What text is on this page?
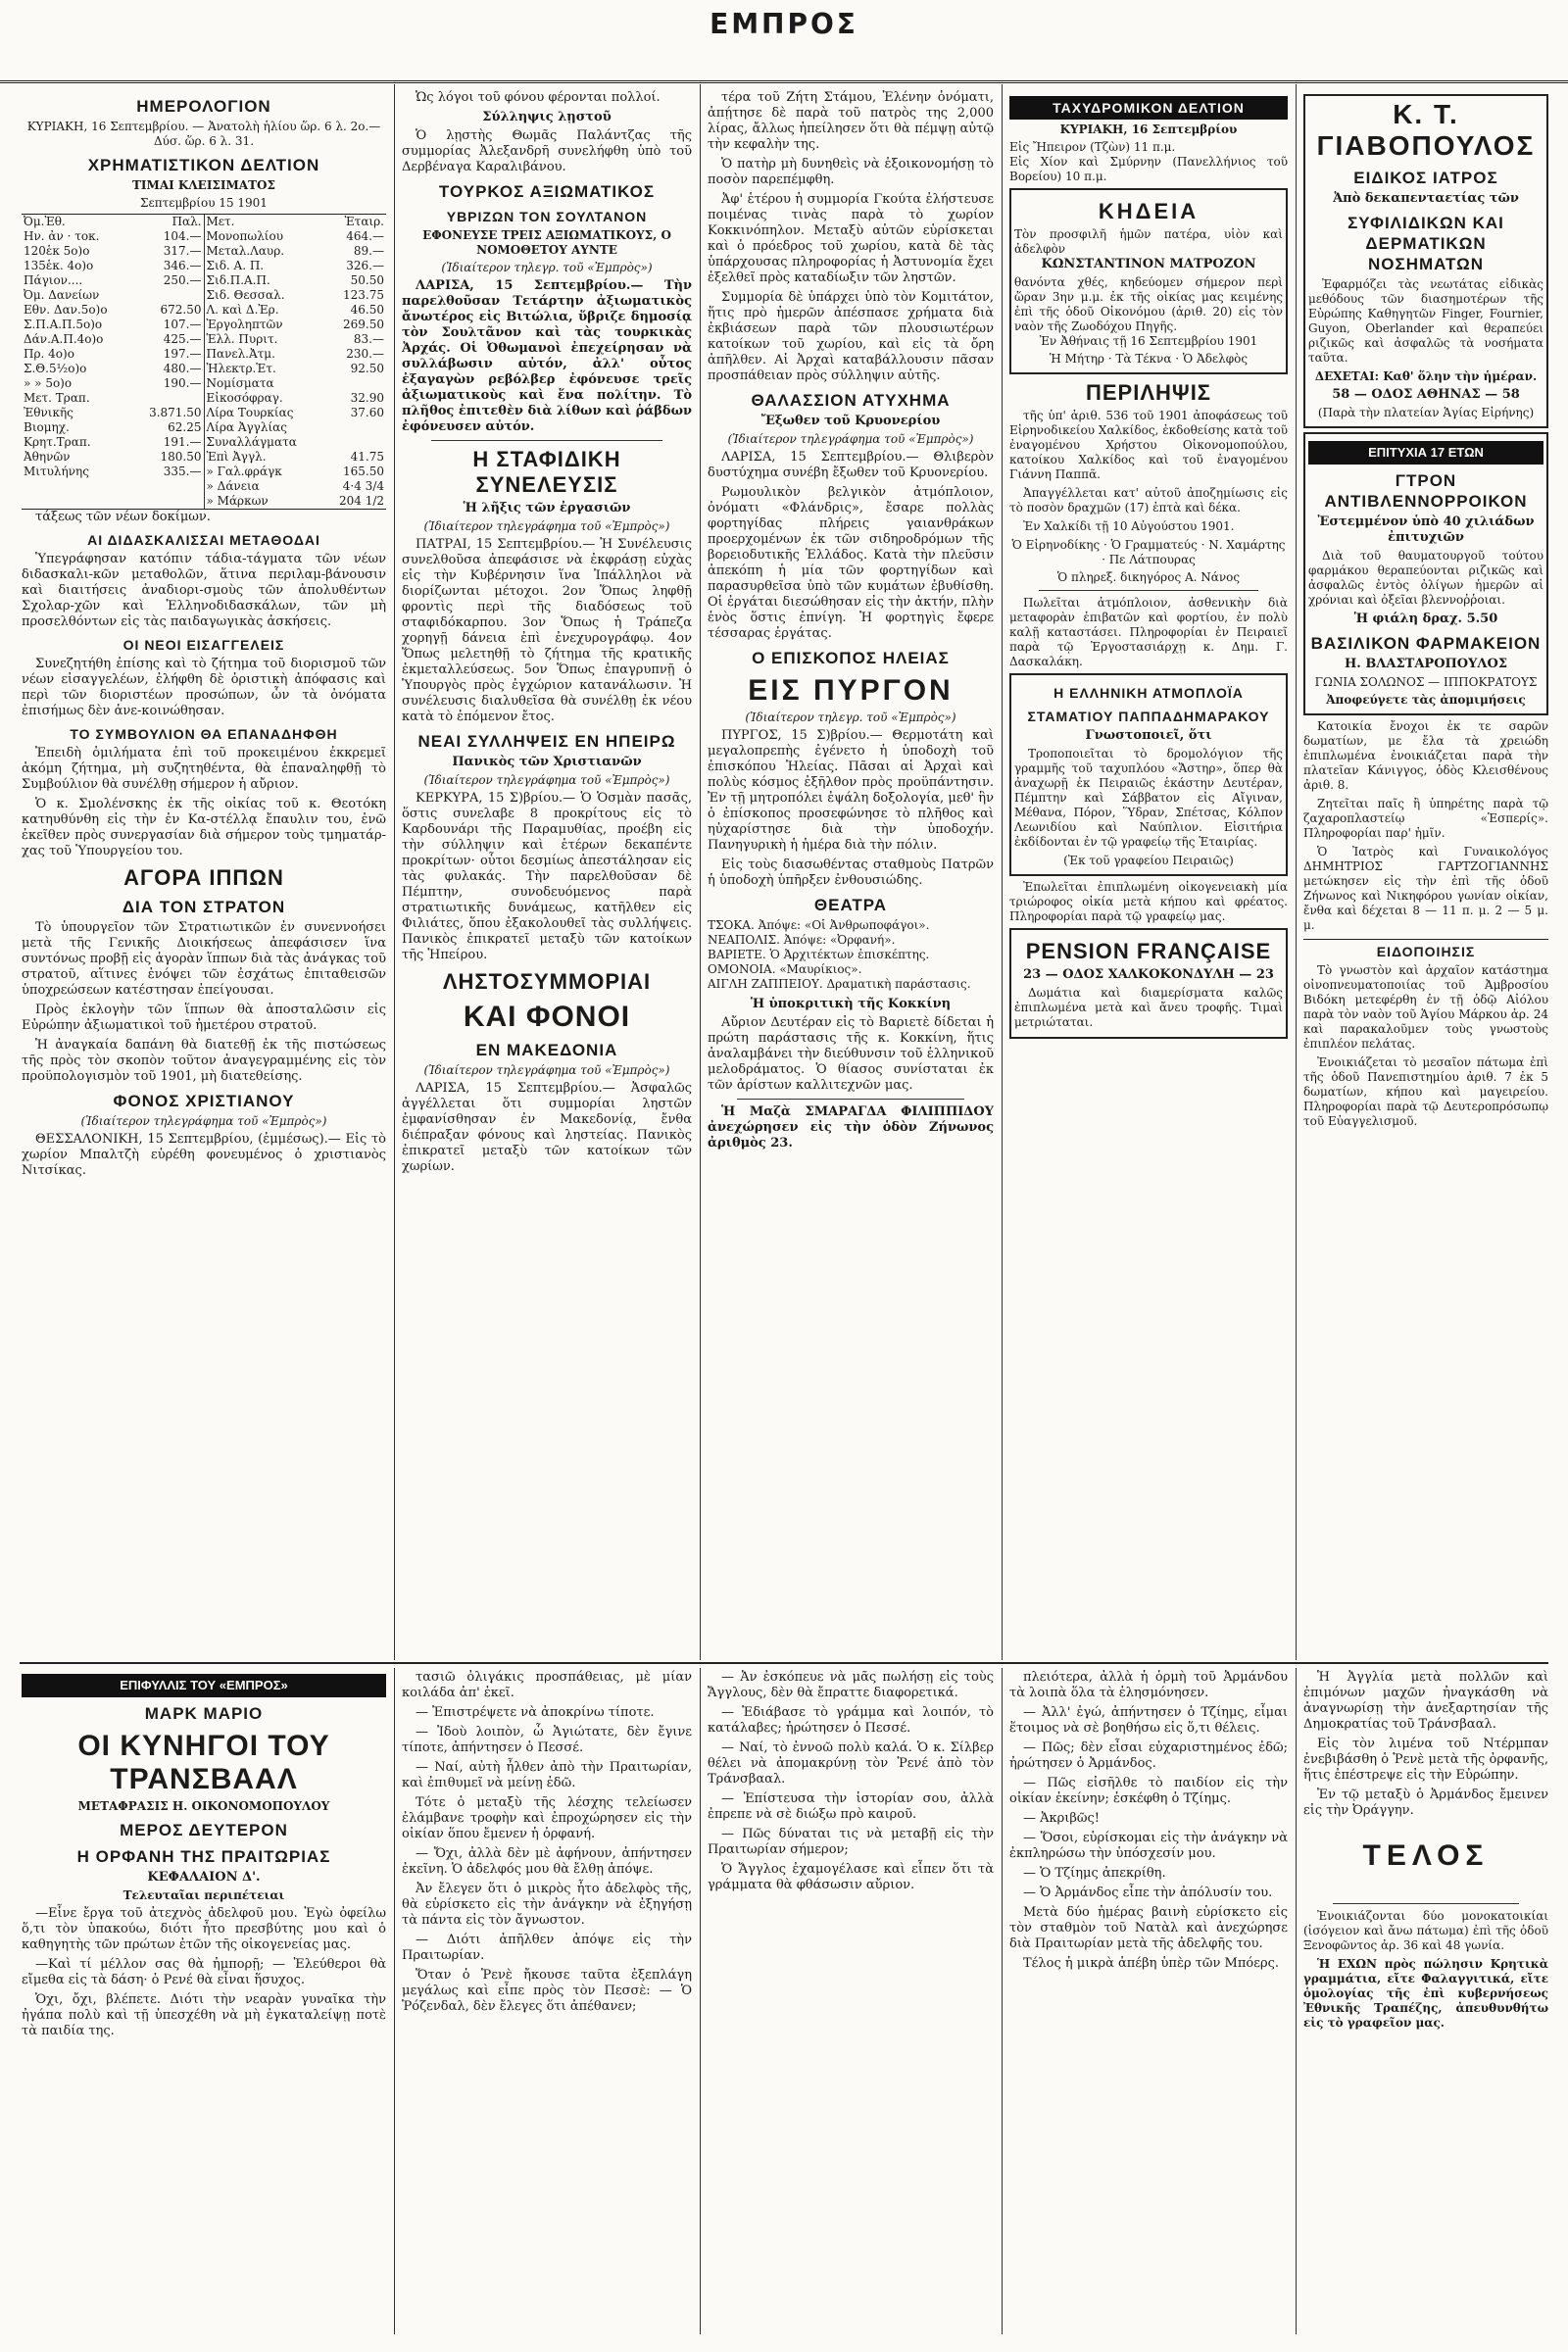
ΕΜΠΡΟΣ
ΗΜΕΡΟΛΟΓΙΟΝ
ΚΥΡΙΑΚΗ, 16 Σεπτεμβρίου. — Ἀνατολὴ ἡλίου ὥρ. 6 λ. 2ο.—Δύσ. ὥρ. 6 λ. 31.
ΧΡΗΜΑΤΙΣΤΙΚΟΝ ΔΕΛΤΙΟΝ
ΤΙΜΑΙ ΚΛΕΙΣΙΜΑΤΟΣ
Σεπτεμβρίου 15 1901
Ὀμ.Ἐθ.	Παλ.
Ην. ἀν · τοκ.	104.—
120ἑκ 5ο)ο	317.—
135ἑκ. 4ο)ο	346.—
Πάγιον....	250.—
Ὀμ. Δανείων	
Εθν. Δαν.5ο)ο	672.50
Σ.Π.Α.Π.5ο)ο	107.—
Δάν.Α.Π.4ο)ο	425.—
Πρ. 4ο)ο	197.—
Σ.Θ.5½ο)ο	480.—
» » 5ο)ο	190.—
Μετ. Τραπ.	
Ἐθνικῆς	3.871.50
Βιομηχ.	62.25
Κρητ.Τραπ.	191.—
Ἀθηνῶν	180.50
Μιτυλήνης	335.—
Μετ.	Ἐταιρ.
Μονοπωλίου	464.—
Μεταλ.Λαυρ.	89.—
Σιδ. Α. Π.	326.—
Σιδ.Π.Α.Π.	50.50
Σιδ. Θεσσαλ.	123.75
Λ. καὶ Δ.Ἐρ.	46.50
Ἐργοληπτῶν	269.50
Ἑλλ. Πυριτ.	83.—
Πανελ.Ἀτμ.	230.—
Ἠλεκτρ.Ἑτ.	92.50
Νομίσματα	
Εἰκοσόφραγ.	32.90
Λίρα Τουρκίας	37.60
Λίρα Ἀγγλίας	
Συναλλάγματα	
Ἐπὶ Ἀγγλ.	41.75
» Γαλ.φράγκ	165.50
» Δάνεια	4·4 3/4
» Μάρκων	204 1/2

τάξεως τῶν νέων δοκίμων.

ΑΙ ΔΙΔΑΣΚΑΛΙΣΣΑΙ ΜΕΤΑΘΟΔΑΙ

Ὑπεγράφησαν κατόπιν τάδια-τάγματα τῶν νέων διδασκαλι-κῶν μεταθολῶν, ἅτινα περιλαμ-βάνουσιν καὶ διαιτήσεις ἀναδιορι-σμοὺς τῶν ἀπολυθέντων Σχολαρ-χῶν καὶ Ἑλληνοδιδασκάλων, τῶν μὴ προσελθόντων εἰς τὰς παιδαγωγικὰς ἀσκήσεις.

ΟΙ ΝΕΟΙ ΕΙΣΑΓΓΕΛΕΙΣ

Συνεζητήθη ἐπίσης καὶ τὸ ζήτημα τοῦ διορισμοῦ τῶν νέων εἰσαγγελέων, ἐλήφθη δὲ ὁριστικὴ ἀπόφασις καὶ περὶ τῶν διοριστέων προσώπων, ὧν τὰ ὀνόματα ἐπισήμως δὲν ἀνε-κοινώθησαν.

ΤΟ ΣΥΜΒΟΥΛΙΟΝ ΘΑ ΕΠΑΝΑΔΗΦΘΗ

Ἐπειδὴ ὁμιλήματα ἐπὶ τοῦ προκειμένου ἐκκρεμεῖ ἀκόμη ζήτημα, μὴ συζητηθέντα, θὰ ἐπαναληφθῇ τὸ Συμβούλιον θὰ συνέλθῃ σήμερον ἡ αὔριον.

Ὁ κ. Σμολένσκης ἐκ τῆς οἰκίας τοῦ κ. Θεοτόκη κατηυθύνθη εἰς τὴν ἐν Κα-στέλλᾳ ἔπαυλιν του, ἐνῶ ἐκεῖθεν πρὸς συνεργασίαν διὰ σήμερον τοὺς τμηματάρ-χας τοῦ Ὑπουργείου του.

ΑΓΟΡΑ ΙΠΠΩΝ
ΔΙΑ ΤΟΝ ΣΤΡΑΤΟΝ

Τὸ ὑπουργεῖον τῶν Στρατιωτικῶν ἐν συνεννοήσει μετὰ τῆς Γενικῆς Διοικήσεως ἀπεφάσισεν ἵνα συντόνως προβῇ εἰς ἀγορὰν ἵππων διὰ τὰς ἀνάγκας τοῦ στρατοῦ, αἵτινες ἐνόψει τῶν ἐσχάτως ἐπιταθεισῶν ὑποχρεώσεων κατέστησαν ἐπείγουσαι.

Πρὸς ἐκλογὴν τῶν ἵππων θὰ ἀποσταλῶσιν εἰς Εὐρώπην ἀξιωματικοὶ τοῦ ἡμετέρου στρατοῦ.

Ἡ ἀναγκαία δαπάνη θὰ διατεθῇ ἐκ τῆς πιστώσεως τῆς πρὸς τὸν σκοπὸν τοῦτον ἀναγεγραμμένης εἰς τὸν προϋπολογισμὸν τοῦ 1901, μὴ διατεθείσης.

ΦΟΝΟΣ ΧΡΙΣΤΙΑΝΟΥ
(Ἰδιαίτερον τηλεγράφημα τοῦ «Ἐμπρὸς»)

ΘΕΣΣΑΛΟΝΙΚΗ, 15 Σεπτεμβρίου, (ἐμμέσως).— Εἰς τὸ χωρίον Μπαλτζὴ εὑρέθη φονευμένος ὁ χριστιανὸς Νιτσίκας.

Ὡς λόγοι τοῦ φόνου φέρονται πολλοί.

Σύλληψις λῃστοῦ

Ὁ λῃστὴς Θωμᾶς Παλάντζας τῆς συμμορίας Ἀλεξανδρῆ συνελήφθη ὑπὸ τοῦ Δερβέναγα Καραλιβάνου.

ΤΟΥΡΚΟΣ ΑΞΙΩΜΑΤΙΚΟΣ
ΥΒΡΙΖΩΝ ΤΟΝ ΣΟΥΛΤΑΝΟΝ
ΕΦΟΝΕΥΣΕ ΤΡΕΙΣ ΑΞΙΩΜΑΤΙΚΟΥΣ, Ο ΝΟΜΟΘΕΤΟΥ ΑΥΝΤΕ
(Ἰδιαίτερον τηλεγρ. τοῦ «Ἐμπρὸς»)

ΛΑΡΙΣΑ, 15 Σεπτεμβρίου.— Τὴν παρελθοῦσαν Τετάρτην ἀξιωματικὸς ἄνωτέρος εἰς Βιτώλια, ὕβριζε δημοσίᾳ τὸν Σουλτᾶνον καὶ τὰς τουρκικὰς Ἀρχάς. Οἱ Ὀθωμανοὶ ἐπεχείρησαν νὰ συλλάβωσιν αὐτόν, ἀλλ' οὗτος ἐξαγαγὼν ρεβόλβερ ἐφόνευσε τρεῖς ἀξιωματικοὺς καὶ ἕνα πολίτην. Τὸ πλῆθος ἐπιτεθὲν διὰ λίθων καὶ ῥάβδων ἐφόνευσεν αὐτόν.

Η ΣΤΑΦΙΔΙΚΗ ΣΥΝΕΛΕΥΣΙΣ
Ἡ λῆξις τῶν ἐργασιῶν
(Ἰδιαίτερον τηλεγράφημα τοῦ «Ἐμπρὸς»)

ΠΑΤΡΑΙ, 15 Σεπτεμβρίου.— Ἡ Συνέλευσις συνελθοῦσα ἀπεφάσισε νὰ ἐκφράσῃ εὐχὰς εἰς τὴν Κυβέρνησιν ἵνα Ἰπάλληλοι νὰ διορίζωνται μέτοχοι. 2ον Ὅπως ληφθῇ φροντὶς περὶ τῆς διαδόσεως τοῦ σταφιδόκαρπου. 3ον Ὅπως ἡ Τράπεζα χορηγῇ δάνεια ἐπὶ ἐνεχυρογράφῳ. 4ον Ὅπως μελετηθῇ τὸ ζήτημα τῆς κρατικῆς ἐκμεταλλεύσεως. 5ον Ὅπως ἐπαγρυπνῇ ὁ Ὑπουργὸς πρὸς ἐγχώριον κατανάλωσιν. Ἡ συνέλευσις διαλυθεῖσα θὰ συνέλθῃ ἐκ νέου κατὰ τὸ ἐπόμενον ἔτος.

ΝΕΑΙ ΣΥΛΛΗΨΕΙΣ ΕΝ ΗΠΕΙΡΩ
Πανικὸς τῶν Χριστιανῶν
(Ἰδιαίτερον τηλεγράφημα τοῦ «Ἐμπρὸς»)

ΚΕΡΚΥΡΑ, 15 Σ)βρίου.— Ὁ Ὁσμὰν πασᾶς, ὅστις συνελαβε 8 προκρίτους εἰς τὸ Καρδουνάρι τῆς Παραμυθίας, προέβη εἰς τὴν σύλληψιν καὶ ἑτέρων δεκαπέντε προκρίτων· οὗτοι δεσμίως ἀπεστάλησαν εἰς τὰς φυλακάς. Τὴν παρελθοῦσαν δὲ Πέμπτην, συνοδευόμενος παρὰ στρατιωτικῆς δυνάμεως, κατῆλθεν εἰς Φιλιάτες, ὅπου ἐξακολουθεῖ τὰς συλλήψεις. Πανικὸς ἐπικρατεῖ μεταξὺ τῶν κατοίκων τῆς Ἠπείρου.

ΛΗΣΤΟΣΥΜΜΟΡΙΑΙ
ΚΑΙ ΦΟΝΟΙ
ΕΝ ΜΑΚΕΔΟΝΙΑ
(Ἰδιαίτερον τηλεγράφημα τοῦ «Ἐμπρὸς»)

ΛΑΡΙΣΑ, 15 Σεπτεμβρίου.— Ἀσφαλῶς ἀγγέλλεται ὅτι συμμορίαι ληστῶν ἐμφανίσθησαν ἐν Μακεδονίᾳ, ἔνθα διέπραξαν φόνους καὶ ληστείας. Πανικὸς ἐπικρατεῖ μεταξὺ τῶν κατοίκων τῶν χωρίων.

τέρα τοῦ Ζήτη Στάμου, Ἐλένην ὀνόματι, ἀπῄτησε δὲ παρὰ τοῦ πατρὸς της 2,000 λίρας, ἄλλως ἠπείλησεν ὅτι θὰ πέμψῃ αὐτῷ τὴν κεφαλὴν της.

Ὁ πατὴρ μὴ δυνηθεὶς νὰ ἐξοικονομήσῃ τὸ ποσὸν παρεπέμφθη.

Ἀφ' ἑτέρου ἡ συμμορία Γκούτα ἐλήστευσε ποιμένας τινὰς παρὰ τὸ χωρίον Κοκκινόπηλον. Μεταξὺ αὐτῶν εὑρίσκεται καὶ ὁ πρόεδρος τοῦ χωρίου, κατὰ δὲ τὰς ὑπάρχουσας πληροφορίας ἡ Ἀστυνομία ἔχει ἐξελθεῖ πρὸς καταδίωξιν τῶν ληστῶν.

Συμμορία δὲ ὑπάρχει ὑπὸ τὸν Κομιτάτον, ἥτις πρὸ ἡμερῶν ἀπέσπασε χρήματα διὰ ἐκβιάσεων παρὰ τῶν πλουσιωτέρων κατοίκων τοῦ χωρίου, καὶ εἰς τὰ ὄρη ἀπῆλθεν. Αἱ Ἀρχαὶ καταβάλλουσιν πᾶσαν προσπάθειαν πρὸς σύλληψιν αὐτῆς.

ΘΑΛΑΣΣΙΟΝ ΑΤΥΧΗΜΑ
Ἔξωθεν τοῦ Κρυονερίου
(Ἰδιαίτερον τηλεγράφημα τοῦ «Ἐμπρὸς»)

ΛΑΡΙΣΑ, 15 Σεπτεμβρίου.— Θλιβερὸν δυστύχημα συνέβη ἔξωθεν τοῦ Κρυονερίου.

Ρωμουλικὸν βελγικὸν ἀτμόπλοιον, ὀνόματι «Φλάνδρις», ἔσαρε πολλὰς φορτηγίδας πλήρεις γαιανθράκων προερχομένων ἐκ τῶν σιδηροδρόμων τῆς βορειοδυτικῆς Ἑλλάδος. Κατὰ τὴν πλεῦσιν ἀπεκόπη ἡ μία τῶν φορτηγίδων καὶ παρασυρθεῖσα ὑπὸ τῶν κυμάτων ἐβυθίσθη. Οἱ ἐργάται διεσώθησαν εἰς τὴν ἀκτήν, πλὴν ἑνὸς ὅστις ἐπνίγη. Ἡ φορτηγὶς ἔφερε τέσσαρας ἐργάτας.

Ο ΕΠΙΣΚΟΠΟΣ ΗΛΕΙΑΣ
ΕΙΣ ΠΥΡΓΟΝ
(Ἰδιαίτερον τηλεγρ. τοῦ «Ἐμπρὸς»)

ΠΥΡΓΟΣ, 15 Σ)βρίου.— Θερμοτάτη καὶ μεγαλοπρεπὴς ἐγένετο ἡ ὑποδοχὴ τοῦ ἐπισκόπου Ἠλείας. Πᾶσαι αἱ Ἀρχαὶ καὶ πολὺς κόσμος ἐξῆλθον πρὸς προϋπάντησιν. Ἐν τῇ μητροπόλει ἐψάλη δοξολογία, μεθ' ἣν ὁ ἐπίσκοπος προσεφώνησε τὸ πλῆθος καὶ ηὐχαρίστησε διὰ τὴν ὑποδοχήν. Πανηγυρικὴ ἡ ἡμέρα διὰ τὴν πόλιν.

Εἰς τοὺς διασωθέντας σταθμοὺς Πατρῶν ἡ ὑποδοχὴ ὑπῆρξεν ἐνθουσιώδης.

ΘΕΑΤΡΑ
ΤΣΟΚΑ. Ἀπόψε: «Οἱ Ἀνθρωποφάγοι».
ΝΕΑΠΟΛΙΣ. Ἀπόψε: «Ὀρφανή».
ΒΑΡΙΕΤΕ. Ὁ Ἀρχιτέκτων ἐπισκέπτης.
ΟΜΟΝΟΙΑ. «Μαυρίκιος».
ΑΙΓΛΗ ΖΑΠΠΕΙΟΥ. Δραματικὴ παράστασις.
Ἡ ὑποκριτικὴ τῆς Κοκκίνη

Αὔριον Δευτέραν εἰς τὸ Βαριετὲ δίδεται ἡ πρώτη παράστασις τῆς κ. Κοκκίνη, ἥτις ἀναλαμβάνει τὴν διεύθυνσιν τοῦ ἑλληνικοῦ μελοδράματος. Ὁ θίασος συνίσταται ἐκ τῶν ἀρίστων καλλιτεχνῶν μας.

Ἡ Μαζὰ ΣΜΑΡΑΓΔΑ ΦΙΛΙΠΠΙΔΟΥ ἀνεχώρησεν εἰς τὴν ὁδὸν Ζήνωνος ἀριθμὸς 23.

ΤΑΧΥΔΡΟΜΙΚΟΝ ΔΕΛΤΙΟΝ
ΚΥΡΙΑΚΗ, 16 Σεπτεμβρίου
Εἰς Ἤπειρον (Τζὼν) 11 π.μ.
Εἰς Χίον καὶ Σμύρνην (Πανελλήνιος τοῦ Βορείου) 10 π.μ.
ΚΗΔΕΙΑ
Τὸν προσφιλῆ ἡμῶν πατέρα, υἱὸν καὶ ἀδελφὸν
ΚΩΝΣΤΑΝΤΙΝΟΝ ΜΑΤΡΟΖΟΝ
θανόντα χθές, κηδεύομεν σήμερον περὶ ὥραν 3ην μ.μ. ἐκ τῆς οἰκίας μας κειμένης ἐπὶ τῆς ὁδοῦ Οἰκονόμου (ἀριθ. 20) εἰς τὸν ναὸν τῆς Ζωοδόχου Πηγῆς.
Ἐν Ἀθήναις τῇ 16 Σεπτεμβρίου 1901
Ἡ Μήτηρ · Τὰ Τέκνα · Ὁ Ἀδελφὸς
ΠΕΡΙΛΗΨΙΣ

τῆς ὑπ' ἀριθ. 536 τοῦ 1901 ἀποφάσεως τοῦ Εἰρηνοδικείου Χαλκίδος, ἐκδοθείσης κατὰ τοῦ ἐναγομένου Χρήστου Οἰκονομοπούλου, κατοίκου Χαλκίδος καὶ τοῦ ἐναγομένου Γιάννη Παππᾶ.

Ἀπαγγέλλεται κατ' αὐτοῦ ἀποζημίωσις εἰς τὸ ποσὸν δραχμῶν (17) ἑπτὰ καὶ δέκα.

Ἐν Χαλκίδι τῇ 10 Αὐγούστου 1901.

Ὁ Εἰρηνοδίκης · Ὁ Γραμματεύς · Ν. Χαμάρτης · Πε Λάτπουρας
Ὁ πληρεξ. δικηγόρος Α. Νάνος

Πωλεῖται ἀτμόπλοιον, ἀσθενικὴν διὰ μεταφορὰν ἐπιβατῶν καὶ φορτίου, ἐν πολὺ καλῇ καταστάσει. Πληροφορίαι ἐν Πειραιεῖ παρὰ τῷ Ἐργοστασιάρχῃ κ. Δημ. Γ. Δασκαλάκη.

Η ΕΛΛΗΝΙΚΗ ΑΤΜΟΠΛΟΪΑ
ΣΤΑΜΑΤΙΟΥ ΠΑΠΠΑΔΗΜΑΡΑΚΟΥ
Γνωστοποιεῖ, ὅτι

Τροποποιεῖται τὸ δρομολόγιον τῆς γραμμῆς τοῦ ταχυπλόου «Ἄστηρ», ὅπερ θὰ ἀναχωρῇ ἐκ Πειραιῶς ἑκάστην Δευτέραν, Πέμπτην καὶ Σάββατον εἰς Αἴγιναν, Μέθανα, Πόρον, Ὕδραν, Σπέτσας, Κόλπον Λεωνιδίου καὶ Ναύπλιον. Εἰσιτήρια ἐκδίδονται ἐν τῷ γραφείῳ τῆς Ἑταιρίας.

(Ἐκ τοῦ γραφείου Πειραιῶς)

Ἐπωλεῖται ἐπιπλωμένη οἰκογενειακὴ μία τριώροφος οἰκία μετὰ κήπου καὶ φρέατος. Πληροφορίαι παρὰ τῷ γραφείῳ μας.

PENSION FRANÇAISE
23 — ΟΔΟΣ ΧΑΛΚΟΚΟΝΔΥΛΗ — 23

Δωμάτια καὶ διαμερίσματα καλῶς ἐπιπλωμένα μετὰ καὶ ἄνευ τροφῆς. Τιμαὶ μετριώταται.

Κ. Τ. ΓΙΑΒΟΠΟΥΛΟΣ
ΕΙΔΙΚΟΣ ΙΑΤΡΟΣ
Ἀπὸ δεκαπενταετίας τῶν
ΣΥΦΙΛΙΔΙΚΩΝ ΚΑΙ ΔΕΡΜΑΤΙΚΩΝ ΝΟΣΗΜΑΤΩΝ

Ἐφαρμόζει τὰς νεωτάτας εἰδικὰς μεθόδους τῶν διασημοτέρων τῆς Εὐρώπης Καθηγητῶν Finger, Fournier, Guyon, Oberlander καὶ θεραπεύει ριζικῶς καὶ ἀσφαλῶς τὰ νοσήματα ταῦτα.

ΔΕΧΕΤΑΙ: Καθ' ὅλην τὴν ἡμέραν.
58 — ΟΔΟΣ ΑΘΗΝΑΣ — 58
(Παρὰ τὴν πλατείαν Ἁγίας Εἰρήνης)
ΕΠΙΤΥΧΙΑ 17 ΕΤΩΝ
ΓΤΡΟΝ ΑΝΤΙΒΛΕΝΝΟΡΡΟΙΚΟΝ
Ἐστεμμένον ὑπὸ 40 χιλιάδων ἐπιτυχιῶν

Διὰ τοῦ θαυματουργοῦ τούτου φαρμάκου θεραπεύονται ριζικῶς καὶ ἀσφαλῶς ἐντὸς ὀλίγων ἡμερῶν αἱ χρόνιαι καὶ ὀξεῖαι βλεννοῤῥοιαι.

Ἡ φιάλη δραχ. 5.50
ΒΑΣΙΛΙΚΟΝ ΦΑΡΜΑΚΕΙΟΝ
Η. ΒΛΑΣΤΑΡΟΠΟΥΛΟΣ
ΓΩΝΙΑ ΣΟΛΩΝΟΣ — ΙΠΠΟΚΡΑΤΟΥΣ
Ἀποφεύγετε τὰς ἀπομιμήσεις

Κατοικία ἔνοχοι ἐκ τε σαρῶν δωματίων, με ἔλα τὰ χρειώδη ἐπιπλωμένα ἐνοικιάζεται παρὰ τὴν πλατεῖαν Κάνιγγος, ὁδὸς Κλεισθένους ἀριθ. 8.

Ζητεῖται παῖς ἢ ὑπηρέτης παρὰ τῷ ζαχαροπλαστείῳ «Ἑσπερίς». Πληροφορίαι παρ' ἡμῖν.

Ὁ Ἰατρὸς καὶ Γυναικολόγος ΔΗΜΗΤΡΙΟΣ ΓΑΡΤΖΟΓΙΑΝΝΗΣ μετώκησεν εἰς τὴν ἐπὶ τῆς ὁδοῦ Ζήνωνος καὶ Νικηφόρου γωνίαν οἰκίαν, ἔνθα καὶ δέχεται 8 — 11 π. μ. 2 — 5 μ. μ.

ΕΙΔΟΠΟΙΗΣΙΣ

Τὸ γνωστὸν καὶ ἀρχαῖον κατάστημα οἰνοπνευματοποιίας τοῦ Ἀμβροσίου Βιδόκη μετεφέρθη ἐν τῇ ὁδῷ Αἰόλου παρὰ τὸν ναὸν τοῦ Ἁγίου Μάρκου ἀρ. 24 καὶ παρακαλοῦμεν τοὺς γνωστοὺς ἐπιπλέον πελάτας.

Ἐνοικιάζεται τὸ μεσαῖον πάτωμα ἐπὶ τῆς ὁδοῦ Πανεπιστημίου ἀριθ. 7 ἐκ 5 δωματίων, κήπου καὶ μαγειρείου. Πληροφορίαι παρὰ τῷ Δευτεροπρόσωπῳ τοῦ Εὐαγγελισμοῦ.

ΕΠΙΦΥΛΛΙΣ ΤΟΥ «ΕΜΠΡΟΣ»
ΜΑΡΚ ΜΑΡΙΟ
ΟΙ ΚΥΝΗΓΟΙ ΤΟΥ ΤΡΑΝΣΒΑΑΛ
ΜΕΤΑΦΡΑΣΙΣ Η. ΟΙΚΟΝΟΜΟΠΟΥΛΟΥ
ΜΕΡΟΣ ΔΕΥΤΕΡΟΝ
Η ΟΡΦΑΝΗ ΤΗΣ ΠΡΑΙΤΩΡΙΑΣ
ΚΕΦΑΛΑΙΟΝ Δ'.
Τελευταῖαι περιπέτειαι

—Εἶνε ἔργα τοῦ ἀτεχνὸς ἀδελφοῦ μου. Ἐγὼ ὀφείλω ὅ,τι τὸν ὑπακούω, διότι ἦτο πρεσβύτης μου καὶ ὁ καθηγητὴς τῶν πρώτων ἐτῶν τῆς οἰκογενείας μας.

—Καὶ τί μέλλον σας θὰ ἠμπορῇ; — Ἐλεύθεροι θὰ εἴμεθα εἰς τὰ δάση· ὁ Ρενέ θὰ εἶναι ἥσυχος.

Ὁχι, ὄχι, βλέπετε. Διότι τὴν νεαρὰν γυναῖκα τὴν ἠγάπα πολὺ καὶ τῇ ὑπεσχέθη νὰ μὴ ἐγκαταλείψῃ ποτὲ τὰ παιδία της.

τασιῶ ὀλιγάκις προσπάθειας, μὲ μίαν κοιλάδα ἀπ' ἐκεῖ.

— Ἐπιστρέψετε νὰ ἀποκρίνω τίποτε.

— Ἰδοὺ λοιπὸν, ὦ Ἁγιώτατε, δὲν ἔγινε τίποτε, ἀπήντησεν ὁ Πεσσέ.

— Ναί, αὐτὴ ἦλθεν ἀπὸ τὴν Πραιτωρίαν, καὶ ἐπιθυμεῖ νὰ μείνῃ ἐδῶ.

Τότε ὁ μεταξὺ τῆς λέσχης τελείωσεν ἐλάμβανε τροφὴν καὶ ἐπροχώρησεν εἰς τὴν οἰκίαν ὅπου ἔμενεν ἡ ὀρφανή.

— Ὄχι, ἀλλὰ δὲν μὲ ἀφήνουν, ἀπήντησεν ἐκεῖνη. Ὁ ἀδελφός μου θὰ ἔλθῃ ἀπόψε.

Ἀν ἔλεγεν ὅτι ὁ μικρὸς ἦτο ἀδελφὸς τῆς, θὰ εὑρίσκετο εἰς τὴν ἀνάγκην νὰ ἐξηγήσῃ τὰ πάντα εἰς τὸν ἄγνωστον.

— Διότι ἀπῆλθεν ἀπόψε εἰς τὴν Πραιτωρίαν.

Ὅταν ὁ Ῥενὲ ἤκουσε ταῦτα ἐξεπλάγη μεγάλως καὶ εἶπε πρὸς τὸν Πεσσὲ: — Ὁ Ῥόζενδαλ, δὲν ἔλεγες ὅτι ἀπέθανεν;

— Ἀν ἐσκόπευε νὰ μᾶς πωλήσῃ εἰς τοὺς Ἄγγλους, δὲν θὰ ἔπραττε διαφορετικά.

— Ἐδιάβασε τὸ γράμμα καὶ λοιπόν, τὸ κατάλαβες; ἠρώτησεν ὁ Πεσσέ.

— Ναί, τὸ ἐννοῶ πολὺ καλά. Ὁ κ. Σίλβερ θέλει νὰ ἀπομακρύνῃ τὸν Ῥενέ ἀπὸ τὸν Τράνσβααλ.

— Ἐπίστευσα τὴν ἱστορίαν σου, ἀλλὰ ἐπρεπε νὰ σὲ διώξω πρὸ καιροῦ.

— Πῶς δύναται τις νὰ μεταβῇ εἰς τὴν Πραιτωρίαν σήμερον;

Ὁ Ἄγγλος ἐχαμογέλασε καὶ εἶπεν ὅτι τὰ γράμματα θὰ φθάσωσιν αὔριον.

πλειότερα, ἀλλὰ ἡ ὁρμὴ τοῦ Ἀρμάνδου τὰ λοιπὰ ὅλα τὰ ἐλησμόνησεν.

— Ἀλλ' ἐγώ, ἀπήντησεν ὁ Τζίημς, εἶμαι ἕτοιμος νὰ σὲ βοηθήσω εἰς ὅ,τι θέλεις.

— Πῶς; δὲν εἶσαι εὐχαριστημένος ἐδῶ; ἠρώτησεν ὁ Ἀρμάνδος.

— Πῶς εἰσῆλθε τὸ παιδίον εἰς τὴν οἰκίαν ἐκείνην; ἐσκέφθη ὁ Τζίημς.

— Ἀκριβῶς!

— Ὅσοι, εὑρίσκομαι εἰς τὴν ἀνάγκην νὰ ἐκπληρώσω τὴν ὑπόσχεσίν μου.

— Ὁ Τζίημς ἀπεκρίθη.

— Ὁ Ἀρμάνδος εἶπε τὴν ἀπόλυσίν του.

Μετὰ δύο ἡμέρας βαινὴ εὑρίσκετο εἰς τὸν σταθμὸν τοῦ Νατὰλ καὶ ἀνεχώρησε διὰ Πραιτωρίαν μετὰ τῆς ἀδελφῆς του.

Τέλος ἡ μικρὰ ἀπέβη ὑπὲρ τῶν Μπόερς.

Ἡ Ἀγγλία μετὰ πολλῶν καὶ ἐπιμόνων μαχῶν ἠναγκάσθη νὰ ἀναγνωρίσῃ τὴν ἀνεξαρτησίαν τῆς Δημοκρατίας τοῦ Τράνσβααλ.

Εἰς τὸν λιμένα τοῦ Ντέρμπαν ἐνεβιβάσθη ὁ Ῥενὲ μετὰ τῆς ὀρφανῆς, ἥτις ἐπέστρεψε εἰς τὴν Εὐρώπην.

Ἐν τῷ μεταξὺ ὁ Ἀρμάνδος ἔμεινεν εἰς τὴν Ὀράγγην.

ΤΕΛΟΣ

Ἐνοικιάζονται δύο μονοκατοικίαι (ἰσόγειον καὶ ἄνω πάτωμα) ἐπὶ τῆς ὁδοῦ Ξενοφῶντος ἀρ. 36 καὶ 48 γωνία.

Ἡ ΕΧΩΝ πρὸς πώλησιν Κρητικὰ γραμμάτια, εἴτε Φαλαγγιτικά, εἴτε ὁμολογίας τῆς ἐπὶ κυβερνήσεως Ἐθνικῆς Τραπέζης, ἀπευθυνθήτω εἰς τὸ γραφεῖον μας.
